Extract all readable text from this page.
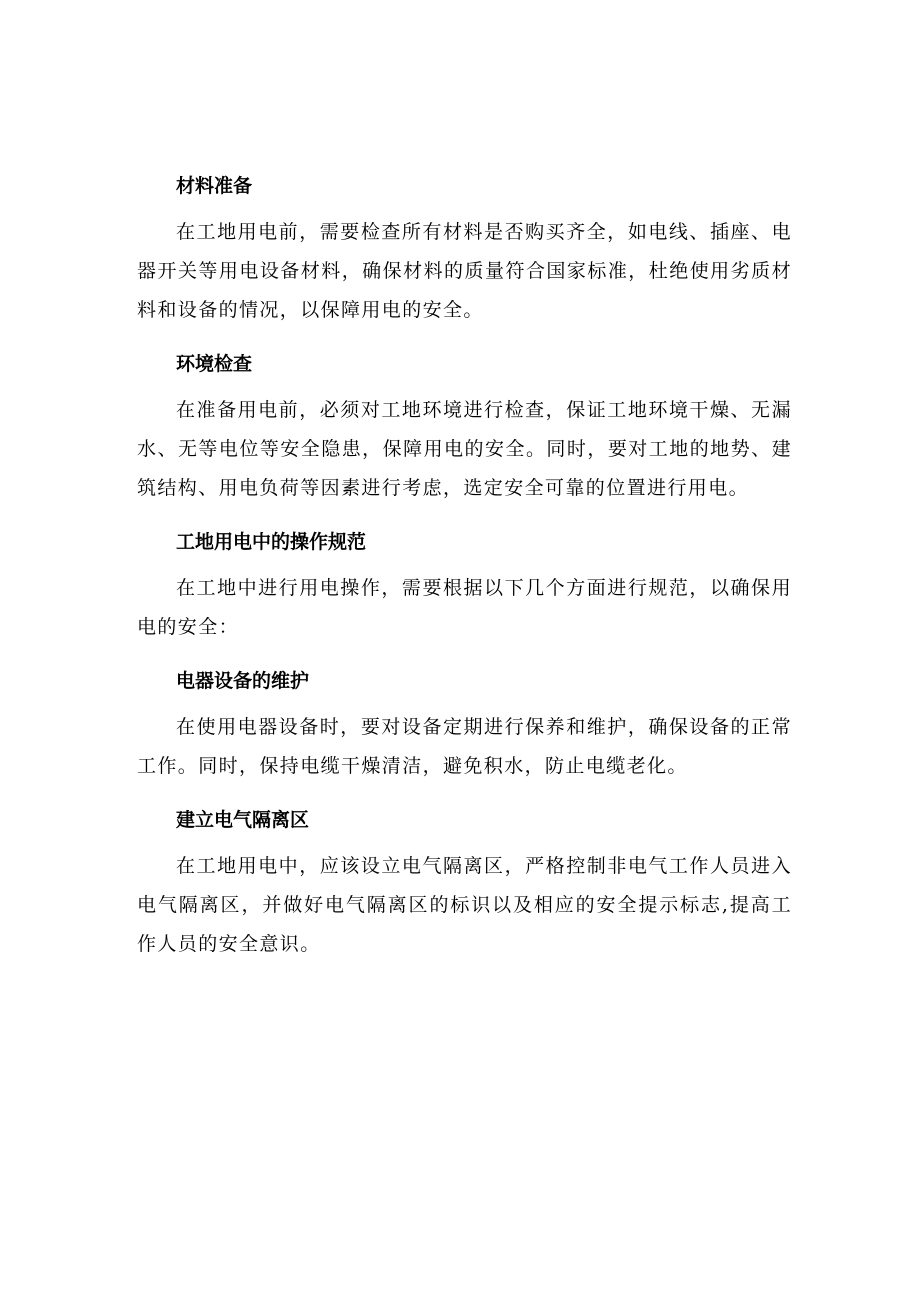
材料准备

在工地用电前，需要检查所有材料是否购买齐全，如电线、插座、电器开关等用电设备材料，确保材料的质量符合国家标准，杜绝使用劣质材料和设备的情况，以保障用电的安全。

环境检查

在准备用电前，必须对工地环境进行检查，保证工地环境干燥、无漏水、无等电位等安全隐患，保障用电的安全。同时，要对工地的地势、建筑结构、用电负荷等因素进行考虑，选定安全可靠的位置进行用电。

工地用电中的操作规范

在工地中进行用电操作，需要根据以下几个方面进行规范，以确保用电的安全：

电器设备的维护

在使用电器设备时，要对设备定期进行保养和维护，确保设备的正常工作。同时，保持电缆干燥清洁，避免积水，防止电缆老化。

建立电气隔离区

在工地用电中，应该设立电气隔离区，严格控制非电气工作人员进入电气隔离区，并做好电气隔离区的标识以及相应的安全提示标志,提高工作人员的安全意识。
